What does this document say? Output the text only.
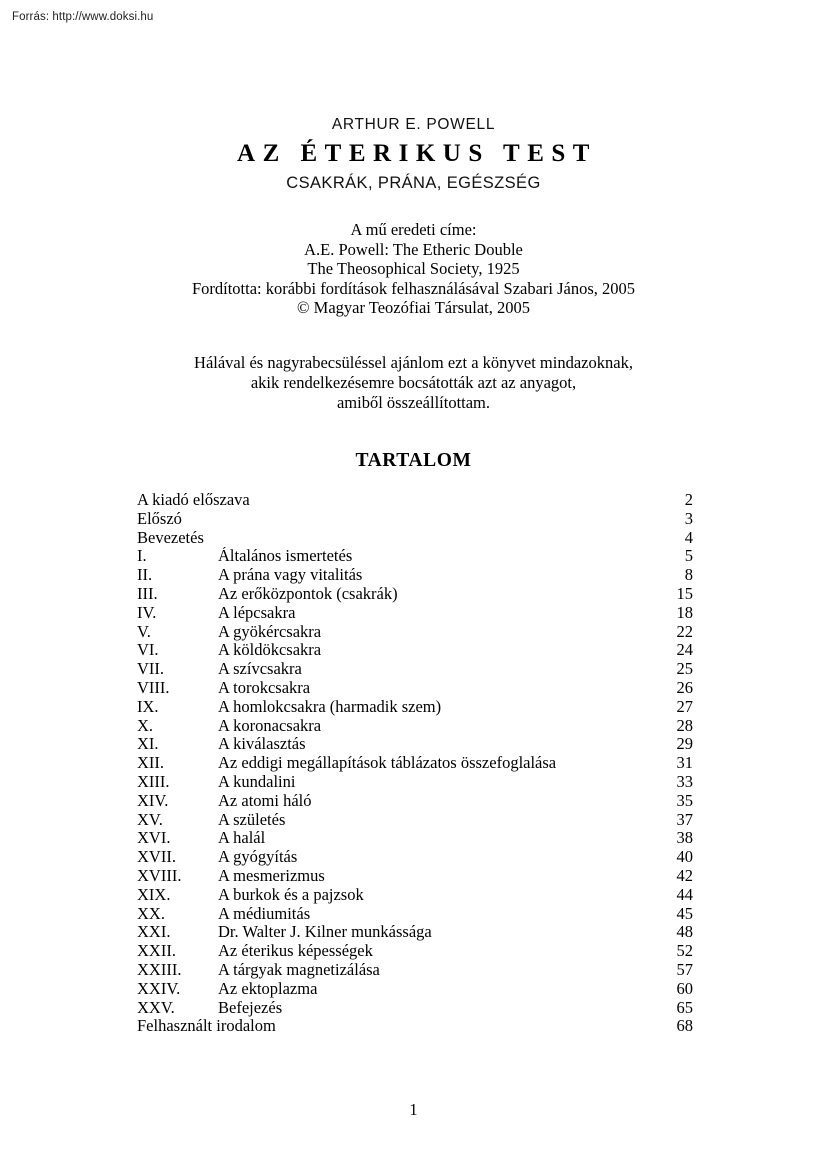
Forrás: http://www.doksi.hu
ARTHUR E. POWELL
AZ ÉTERIKUS TEST
CSAKRÁK, PRÁNA, EGÉSZSÉG
A mű eredeti címe:
A.E. Powell: The Etheric Double
The Theosophical Society, 1925
Fordította: korábbi fordítások felhasználásával Szabari János, 2005
© Magyar Teozófiai Társulat, 2005
Hálával és nagyrabecsüléssel ajánlom ezt a könyvet mindazoknak,
akik rendelkezésemre bocsátották azt az anyagot,
amiből összeállítottam.
TARTALOM
A kiadó előszava	2
Előszó	3
Bevezetés	4
I.	Általános ismertetés	5
II.	A prána vagy vitalitás	8
III.	Az erőközpontok (csakrák)	15
IV.	A lépcsakra	18
V.	A gyökércsakra	22
VI.	A köldökcsakra	24
VII.	A szívcsakra	25
VIII.	A torokcsakra	26
IX.	A homlokcsakra (harmadik szem)	27
X.	A koronacsakra	28
XI.	A kiválasztás	29
XII.	Az eddigi megállapítások táblázatos összefoglalása	31
XIII.	A kundalini	33
XIV.	Az atomi háló	35
XV.	A születés	37
XVI.	A halál	38
XVII.	A gyógyítás	40
XVIII.	A mesmerizmus	42
XIX.	A burkok és a pajzsok	44
XX.	A médiumitás	45
XXI.	Dr. Walter J. Kilner munkássága	48
XXII.	Az éterikus képességek	52
XXIII.	A tárgyak magnetizálása	57
XXIV.	Az ektoplazma	60
XXV.	Befejezés	65
Felhasznált irodalom	68
1
